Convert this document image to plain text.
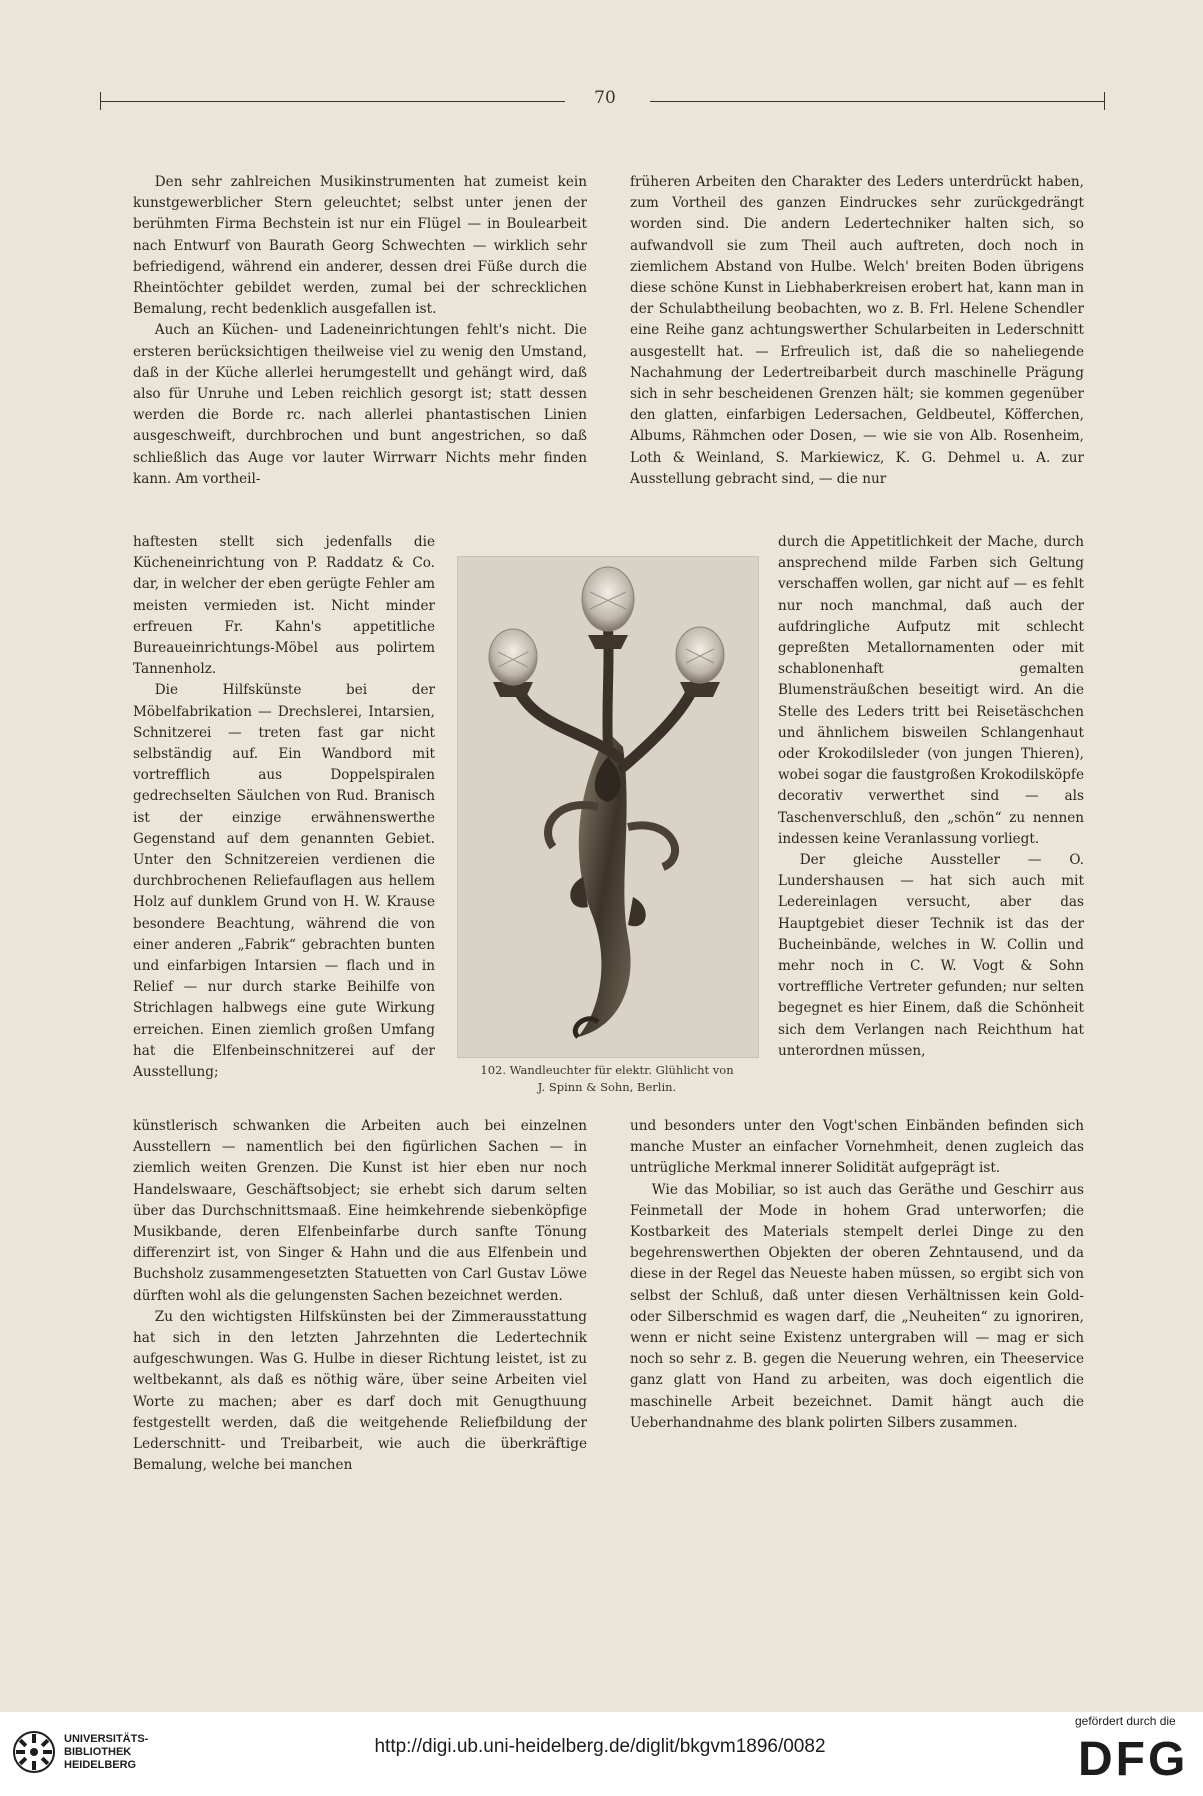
70

Den sehr zahlreichen Musikinstrumenten hat zumeist kein kunstgewerblicher Stern geleuchtet; selbst unter jenen der berühmten Firma Bechstein ist nur ein Flügel — in Boulearbeit nach Entwurf von Baurath Georg Schwechten — wirklich sehr befriedigend, während ein anderer, dessen drei Füße durch die Rheintöchter gebildet werden, zumal bei der schrecklichen Bemalung, recht bedenklich ausgefallen ist.

Auch an Küchen- und Ladeneinrichtungen fehlt's nicht. Die ersteren berücksichtigen theilweise viel zu wenig den Umstand, daß in der Küche allerlei herumgestellt und gehängt wird, daß also für Unruhe und Leben reichlich gesorgt ist; statt dessen werden die Borde rc. nach allerlei phantastischen Linien ausgeschweift, durchbrochen und bunt angestrichen, so daß schließlich das Auge vor lauter Wirrwarr Nichts mehr finden kann. Am vortheil-

haftesten stellt sich jedenfalls die Kücheneinrichtung von P. Raddatz & Co. dar, in welcher der eben gerügte Fehler am meisten vermieden ist. Nicht minder erfreuen Fr. Kahn's appetitliche Bureaueinrichtungs-Möbel aus polirtem Tannenholz.

Die Hilfskünste bei der Möbelfabrikation — Drechslerei, Intarsien, Schnitzerei — treten fast gar nicht selbständig auf. Ein Wandbord mit vortrefflich aus Doppelspiralen gedrechselten Säulchen von Rud. Branisch ist der einzige erwähnenswerthe Gegenstand auf dem genannten Gebiet. Unter den Schnitzereien verdienen die durchbrochenen Reliefauflagen aus hellem Holz auf dunklem Grund von H. W. Krause besondere Beachtung, während die von einer anderen „Fabrik“ gebrachten bunten und einfarbigen Intarsien — flach und in Relief — nur durch starke Beihilfe von Strichlagen halbwegs eine gute Wirkung erreichen. Einen ziemlich großen Umfang hat die Elfenbeinschnitzerei auf der Ausstellung;	102. Wandleuchter für elektr. Glühlicht von
J. Spinn & Sohn, Berlin.

künstlerisch schwanken die Arbeiten auch bei einzelnen Ausstellern — namentlich bei den figürlichen Sachen — in ziemlich weiten Grenzen. Die Kunst ist hier eben nur noch Handelswaare, Geschäftsobject; sie erhebt sich darum selten über das Durchschnittsmaaß. Eine heimkehrende siebenköpfige Musikbande, deren Elfenbeinfarbe durch sanfte Tönung differenzirt ist, von Singer & Hahn und die aus Elfenbein und Buchsholz zusammengesetzten Statuetten von Carl Gustav Löwe dürften wohl als die gelungensten Sachen bezeichnet werden.

Zu den wichtigsten Hilfskünsten bei der Zimmerausstattung hat sich in den letzten Jahrzehnten die Ledertechnik aufgeschwungen. Was G. Hulbe in dieser Richtung leistet, ist zu weltbekannt, als daß es nöthig wäre, über seine Arbeiten viel Worte zu machen; aber es darf doch mit Genugthuung festgestellt werden, daß die weitgehende Reliefbildung der Lederschnitt- und Treibarbeit, wie auch die überkräftige Bemalung, welche bei manchen

früheren Arbeiten den Charakter des Leders unterdrückt haben, zum Vortheil des ganzen Eindruckes sehr zurückgedrängt worden sind. Die andern Ledertechniker halten sich, so aufwandvoll sie zum Theil auch auftreten, doch noch in ziemlichem Abstand von Hulbe. Welch' breiten Boden übrigens diese schöne Kunst in Liebhaberkreisen erobert hat, kann man in der Schulabtheilung beobachten, wo z. B. Frl. Helene Schendler eine Reihe ganz achtungswerther Schularbeiten in Lederschnitt ausgestellt hat. — Erfreulich ist, daß die so naheliegende Nachahmung der Ledertreibarbeit durch maschinelle Prägung sich in sehr bescheidenen Grenzen hält; sie kommen gegenüber den glatten, einfarbigen Ledersachen, Geldbeutel, Köfferchen, Albums, Rähmchen oder Dosen, — wie sie von Alb. Rosenheim, Loth & Weinland, S. Markiewicz, K. G. Dehmel u. A. zur Ausstellung gebracht sind, — die nur

durch die Appetitlichkeit der Mache, durch ansprechend milde Farben sich Geltung verschaffen wollen, gar nicht auf — es fehlt nur noch manchmal, daß auch der aufdringliche Aufputz mit schlecht gepreßten Metallornamenten oder mit schablonenhaft gemalten Blumensträußchen beseitigt wird. An die Stelle des Leders tritt bei Reisetäschchen und ähnlichem bisweilen Schlangenhaut oder Krokodilsleder (von jungen Thieren), wobei sogar die faustgroßen Krokodilsköpfe decorativ verwerthet sind — als Taschenverschluß, den „schön“ zu nennen indessen keine Veranlassung vorliegt.

Der gleiche Aussteller — O. Lundershausen — hat sich auch mit Ledereinlagen versucht, aber das Hauptgebiet dieser Technik ist das der Bucheinbände, welches in W. Collin und mehr noch in C. W. Vogt & Sohn vortreffliche Vertreter gefunden; nur selten begegnet es hier Einem, daß die Schönheit sich dem Verlangen nach Reichthum hat unterordnen müssen,

und besonders unter den Vogt'schen Einbänden befinden sich manche Muster an einfacher Vornehmheit, denen zugleich das untrügliche Merkmal innerer Solidität aufgeprägt ist.

Wie das Mobiliar, so ist auch das Geräthe und Geschirr aus Feinmetall der Mode in hohem Grad unterworfen; die Kostbarkeit des Materials stempelt derlei Dinge zu den begehrenswerthen Objekten der oberen Zehntausend, und da diese in der Regel das Neueste haben müssen, so ergibt sich von selbst der Schluß, daß unter diesen Verhältnissen kein Gold- oder Silberschmid es wagen darf, die „Neuheiten“ zu ignoriren, wenn er nicht seine Existenz untergraben will — mag er sich noch so sehr z. B. gegen die Neuerung wehren, ein Theeservice ganz glatt von Hand zu arbeiten, was doch eigentlich die maschinelle Arbeit bezeichnet. Damit hängt auch die Ueberhandnahme des blank polirten Silbers zusammen.

UNIVERSITÄTS-
BIBLIOTHEK
HEIDELBERG
http://digi.ub.uni-heidelberg.de/diglit/bkgvm1896/0082
gefördert durch die
DFG
